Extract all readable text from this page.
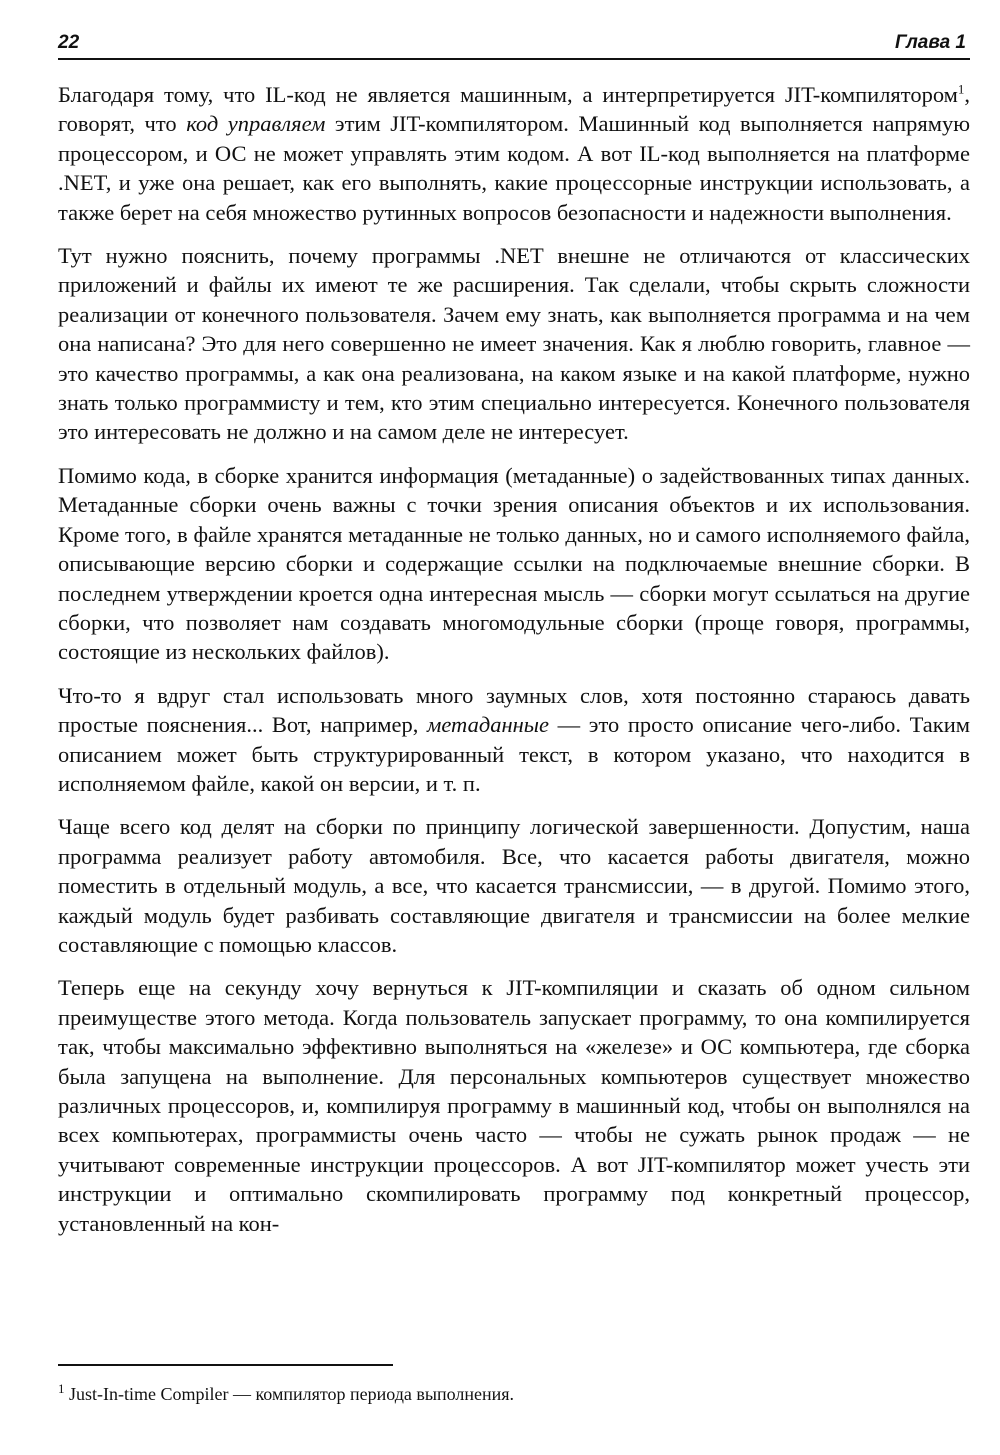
22	Глава 1

Благодаря тому, что IL-код не является машинным, а интерпретируется JIT-компилятором$^1$, говорят, что код управляем этим JIT-компилятором. Машинный код выполняется напрямую процессором, и ОС не может управлять этим кодом. А вот IL-код выполняется на платформе .NET, и уже она решает, как его выполнять, какие процессорные инструкции использовать, а также берет на себя множество рутинных вопросов безопасности и надежности выполнения.

Тут нужно пояснить, почему программы .NET внешне не отличаются от классических приложений и файлы их имеют те же расширения. Так сделали, чтобы скрыть сложности реализации от конечного пользователя. Зачем ему знать, как выполняется программа и на чем она написана? Это для него совершенно не имеет значения. Как я люблю говорить, главное — это качество программы, а как она реализована, на каком языке и на какой платформе, нужно знать только программисту и тем, кто этим специально интересуется. Конечного пользователя это интересовать не должно и на самом деле не интересует.

Помимо кода, в сборке хранится информация (метаданные) о задействованных типах данных. Метаданные сборки очень важны с точки зрения описания объектов и их использования. Кроме того, в файле хранятся метаданные не только данных, но и самого исполняемого файла, описывающие версию сборки и содержащие ссылки на подключаемые внешние сборки. В последнем утверждении кроется одна интересная мысль — сборки могут ссылаться на другие сборки, что позволяет нам создавать многомодульные сборки (проще говоря, программы, состоящие из нескольких файлов).

Что-то я вдруг стал использовать много заумных слов, хотя постоянно стараюсь давать простые пояснения... Вот, например, метаданные — это просто описание чего-либо. Таким описанием может быть структурированный текст, в котором указано, что находится в исполняемом файле, какой он версии, и т. п.

Чаще всего код делят на сборки по принципу логической завершенности. Допустим, наша программа реализует работу автомобиля. Все, что касается работы двигателя, можно поместить в отдельный модуль, а все, что касается трансмиссии, — в другой. Помимо этого, каждый модуль будет разбивать составляющие двигателя и трансмиссии на более мелкие составляющие с помощью классов.

Теперь еще на секунду хочу вернуться к JIT-компиляции и сказать об одном сильном преимуществе этого метода. Когда пользователь запускает программу, то она компилируется так, чтобы максимально эффективно выполняться на «железе» и ОС компьютера, где сборка была запущена на выполнение. Для персональных компьютеров существует множество различных процессоров, и, компилируя программу в машинный код, чтобы он выполнялся на всех компьютерах, программисты очень часто — чтобы не сужать рынок продаж — не учитывают современные инструкции процессоров. А вот JIT-компилятор может учесть эти инструкции и оптимально скомпилировать программу под конкретный процессор, установленный на кон-

$^1$ Just-In-time Compiler — компилятор периода выполнения.
